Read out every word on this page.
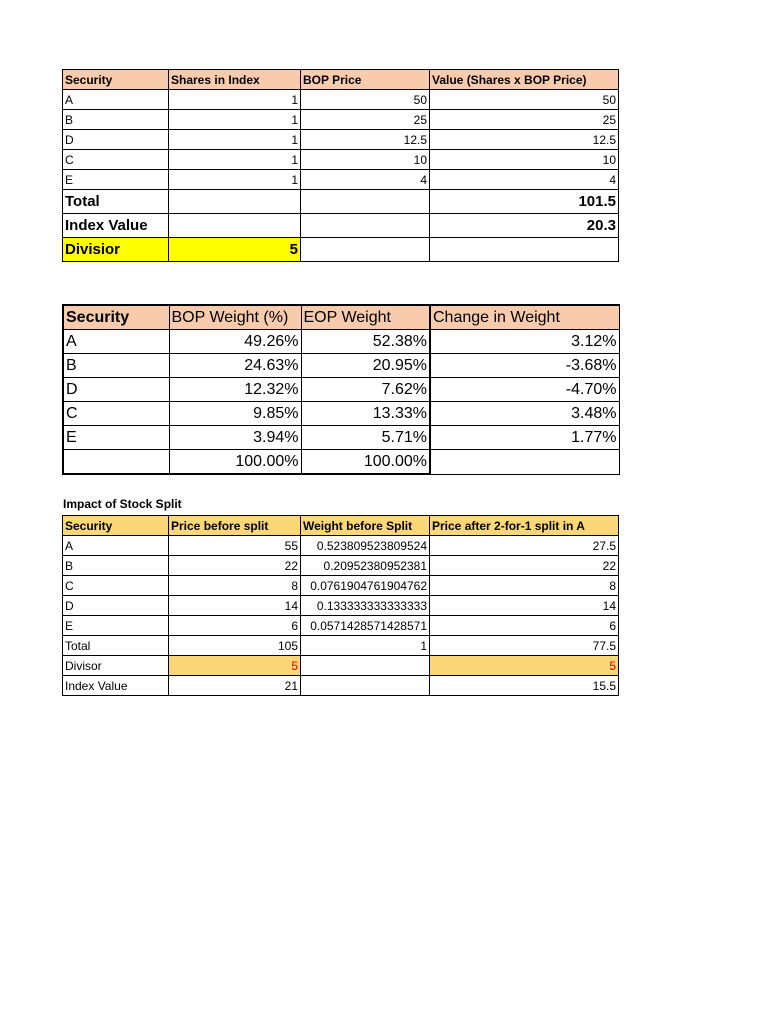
Security	Shares in Index	BOP Price	Value (Shares x BOP Price)
A	1	50	50
B	1	25	25
D	1	12.5	12.5
C	1	10	10
E	1	4	4
Total			101.5
Index Value			20.3
Divisior	5		
Security	BOP Weight (%)	EOP Weight	Change in Weight
A	49.26%	52.38%	3.12%
B	24.63%	20.95%	-3.68%
D	12.32%	7.62%	-4.70%
C	9.85%	13.33%	3.48%
E	3.94%	5.71%	1.77%
	100.00%	100.00%	
Impact of Stock Split
Security	Price before split	Weight before Split	Price after 2-for-1 split in A
A	55	0.523809523809524	27.5
B	22	0.20952380952381	22
C	8	0.0761904761904762	8
D	14	0.133333333333333	14
E	6	0.0571428571428571	6
Total	105	1	77.5
Divisor	5		5
Index Value	21		15.5
